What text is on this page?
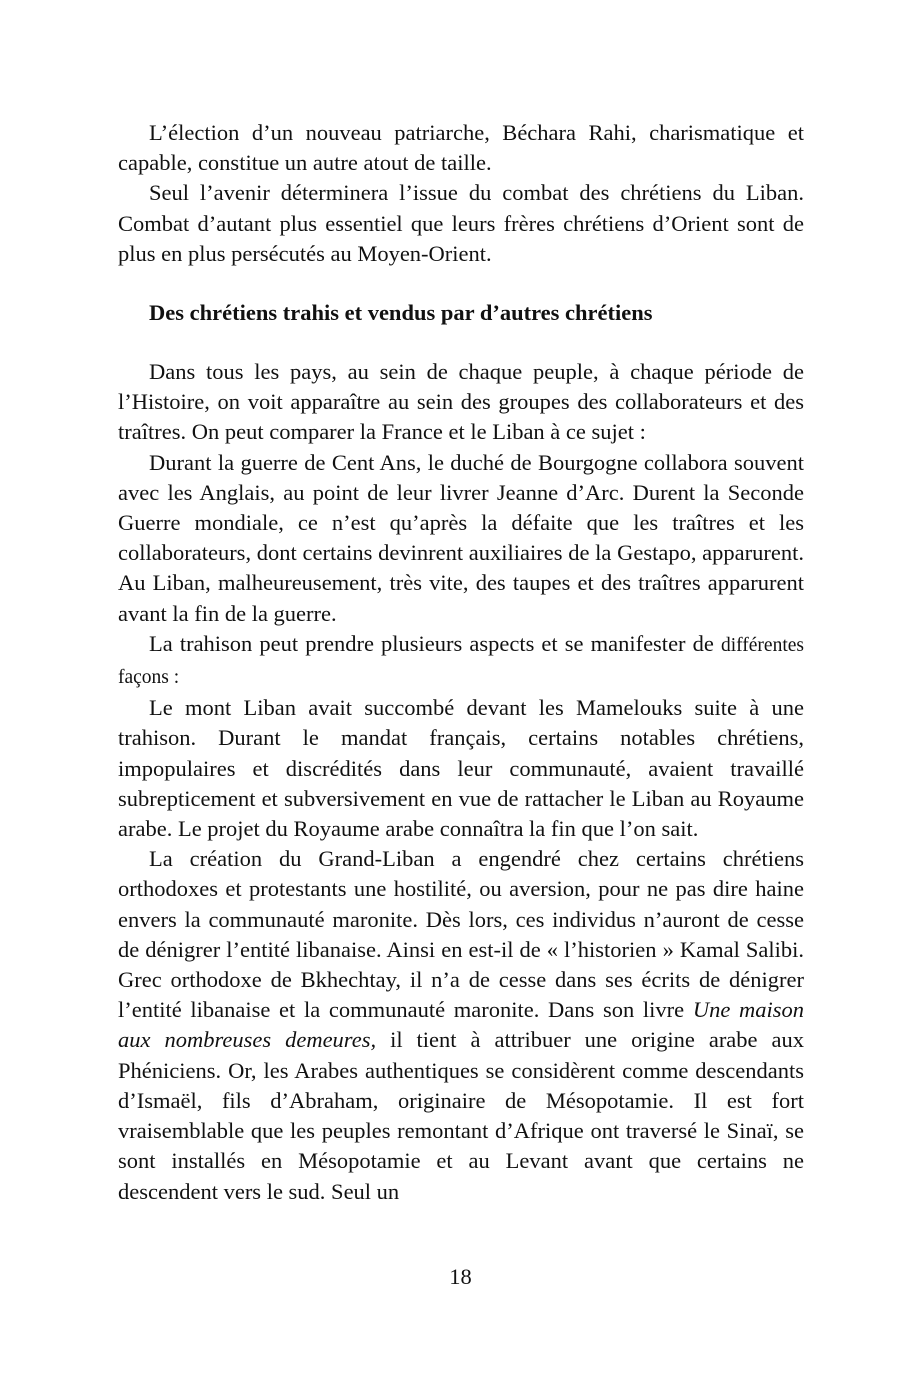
L’élection d’un nouveau patriarche, Béchara Rahi, charismatique et capable, constitue un autre atout de taille.

Seul l’avenir déterminera l’issue du combat des chrétiens du Liban. Combat d’autant plus essentiel que leurs frères chrétiens d’Orient sont de plus en plus persécutés au Moyen-Orient.

Des chrétiens trahis et vendus par d’autres chrétiens

Dans tous les pays, au sein de chaque peuple, à chaque période de l’Histoire, on voit apparaître au sein des groupes des collaborateurs et des traîtres. On peut comparer la France et le Liban à ce sujet :

Durant la guerre de Cent Ans, le duché de Bourgogne collabora souvent avec les Anglais, au point de leur livrer Jeanne d’Arc. Durent la Seconde Guerre mondiale, ce n’est qu’après la défaite que les traîtres et les collaborateurs, dont certains devinrent auxiliaires de la Gestapo, apparurent. Au Liban, malheureusement, très vite, des taupes et des traîtres apparurent avant la fin de la guerre.

La trahison peut prendre plusieurs aspects et se manifester de différentes façons :

Le mont Liban avait succombé devant les Mamelouks suite à une trahison. Durant le mandat français, certains notables chrétiens, impopulaires et discrédités dans leur communauté, avaient travaillé subrepticement et subversivement en vue de rattacher le Liban au Royaume arabe. Le projet du Royaume arabe connaîtra la fin que l’on sait.

La création du Grand-Liban a engendré chez certains chrétiens orthodoxes et protestants une hostilité, ou aversion, pour ne pas dire haine envers la communauté maronite. Dès lors, ces individus n’auront de cesse de dénigrer l’entité libanaise. Ainsi en est-il de « l’historien » Kamal Salibi. Grec orthodoxe de Bkhechtay, il n’a de cesse dans ses écrits de dénigrer l’entité libanaise et la communauté maronite. Dans son livre Une maison aux nombreuses demeures, il tient à attribuer une origine arabe aux Phéniciens. Or, les Arabes authentiques se considèrent comme descendants d’Ismaël, fils d’Abraham, originaire de Mésopotamie. Il est fort vraisemblable que les peuples remontant d’Afrique ont traversé le Sinaï, se sont installés en Mésopotamie et au Levant avant que certains ne descendent vers le sud. Seul un

18
